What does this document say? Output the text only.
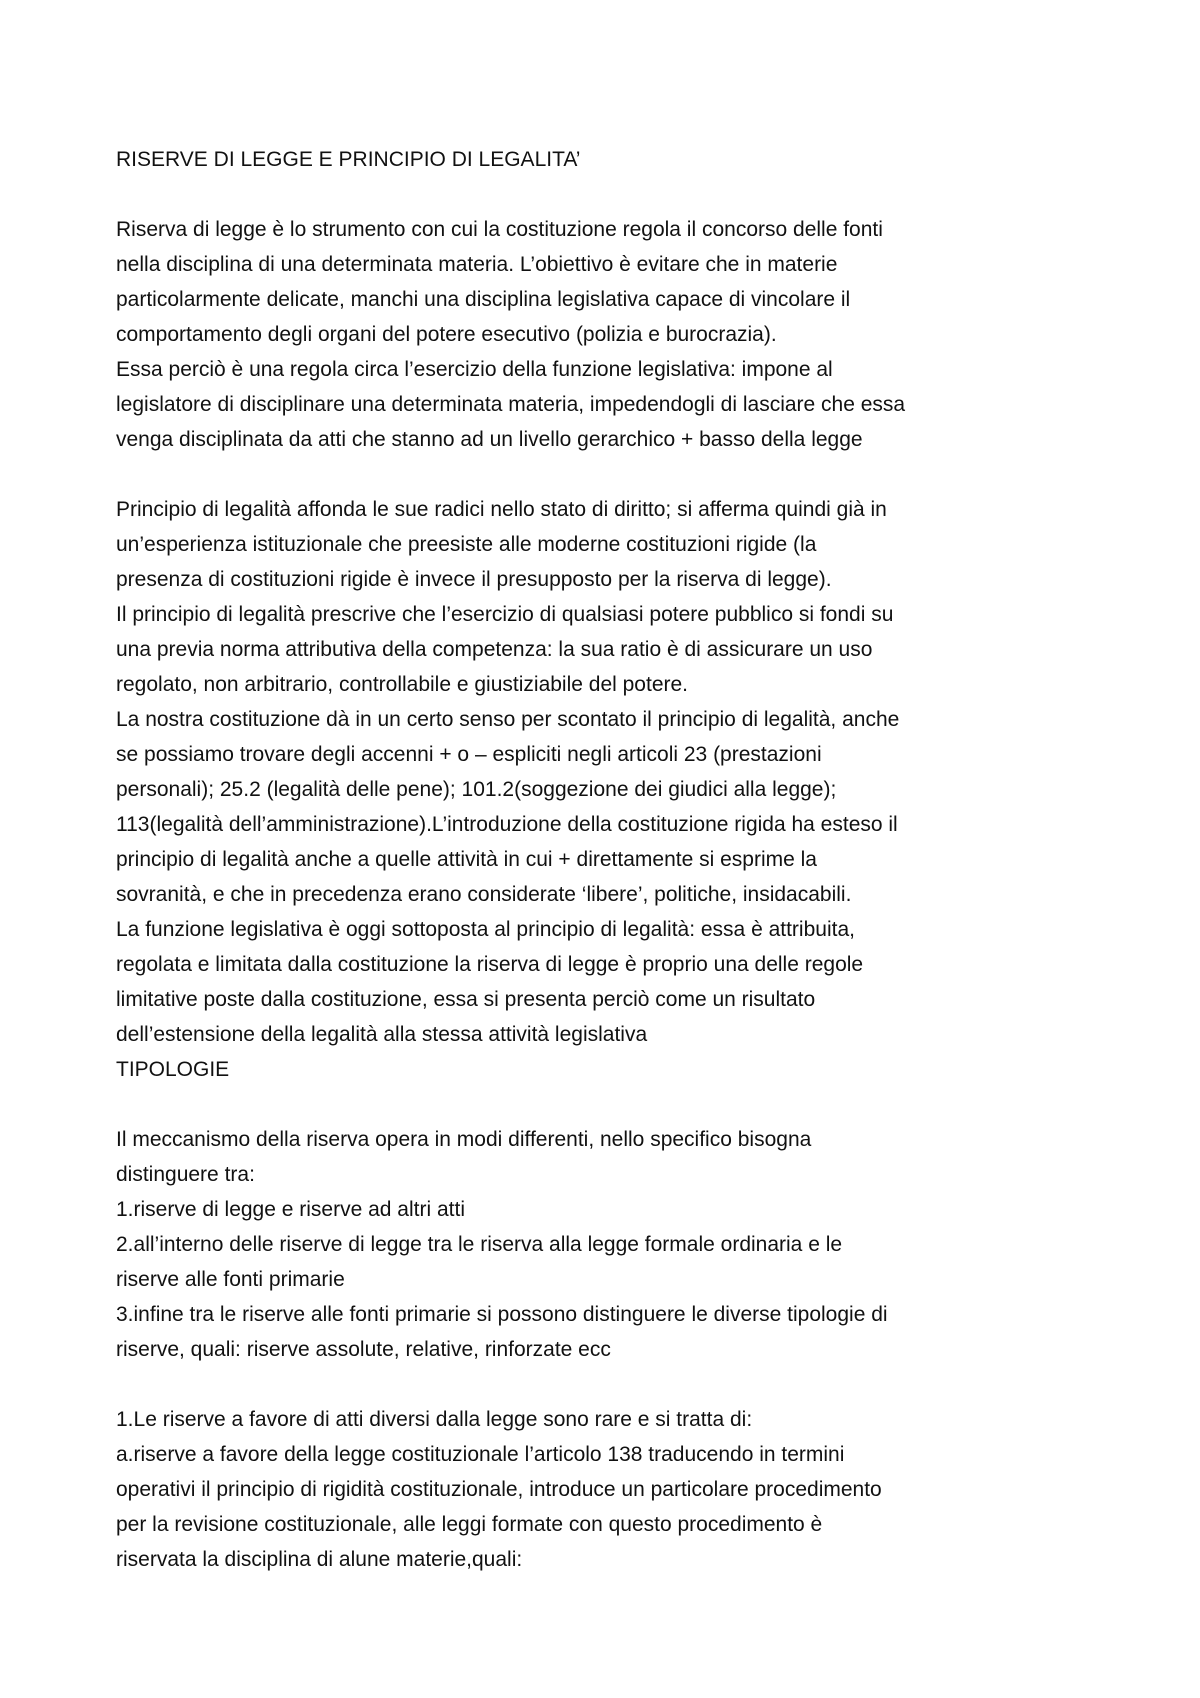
RISERVE DI LEGGE E PRINCIPIO DI LEGALITA’
Riserva di legge è lo strumento con cui la costituzione regola il concorso delle fonti
nella disciplina di una determinata materia. L’obiettivo è evitare che in materie
particolarmente delicate, manchi una disciplina legislativa capace di vincolare il
comportamento degli organi del potere esecutivo (polizia e burocrazia).
Essa perciò è una regola circa l’esercizio della funzione legislativa: impone al
legislatore di disciplinare una determinata materia, impedendogli di lasciare che essa
venga disciplinata da atti che stanno ad un livello gerarchico + basso della legge
Principio di legalità affonda le sue radici nello stato di diritto; si afferma quindi già in
un’esperienza istituzionale che preesiste alle moderne costituzioni rigide (la
presenza di costituzioni rigide è invece il presupposto per la riserva di legge).
Il principio di legalità prescrive che l’esercizio di qualsiasi potere pubblico si fondi su
una previa norma attributiva della competenza: la sua ratio è di assicurare un uso
regolato, non arbitrario, controllabile e giustiziabile del potere.
La nostra costituzione dà in un certo senso per scontato il principio di legalità, anche
se possiamo trovare degli accenni + o – espliciti negli articoli 23 (prestazioni
personali); 25.2 (legalità delle pene); 101.2(soggezione dei giudici alla legge);
113(legalità dell’amministrazione).L’introduzione della costituzione rigida ha esteso il
principio di legalità anche a quelle attività in cui + direttamente si esprime la
sovranità, e che in precedenza erano considerate ‘libere’, politiche, insidacabili.
La funzione legislativa è oggi sottoposta al principio di legalità: essa è attribuita,
regolata e limitata dalla costituzione la riserva di legge è proprio una delle regole
limitative poste dalla costituzione, essa si presenta perciò come un risultato
dell’estensione della legalità alla stessa attività legislativa
TIPOLOGIE
Il meccanismo della riserva opera in modi differenti, nello specifico bisogna
distinguere tra:
1.riserve di legge e riserve ad altri atti
2.all’interno delle riserve di legge tra le riserva alla legge formale ordinaria e le
riserve alle fonti primarie
3.infine tra le riserve alle fonti primarie si possono distinguere le diverse tipologie di
riserve, quali: riserve assolute, relative, rinforzate ecc
1.Le riserve a favore di atti diversi dalla legge sono rare e si tratta di:
a.riserve a favore della legge costituzionale l’articolo 138 traducendo in termini
operativi il principio di rigidità costituzionale, introduce un particolare procedimento
per la revisione costituzionale, alle leggi formate con questo procedimento è
riservata la disciplina di alune materie,quali:
